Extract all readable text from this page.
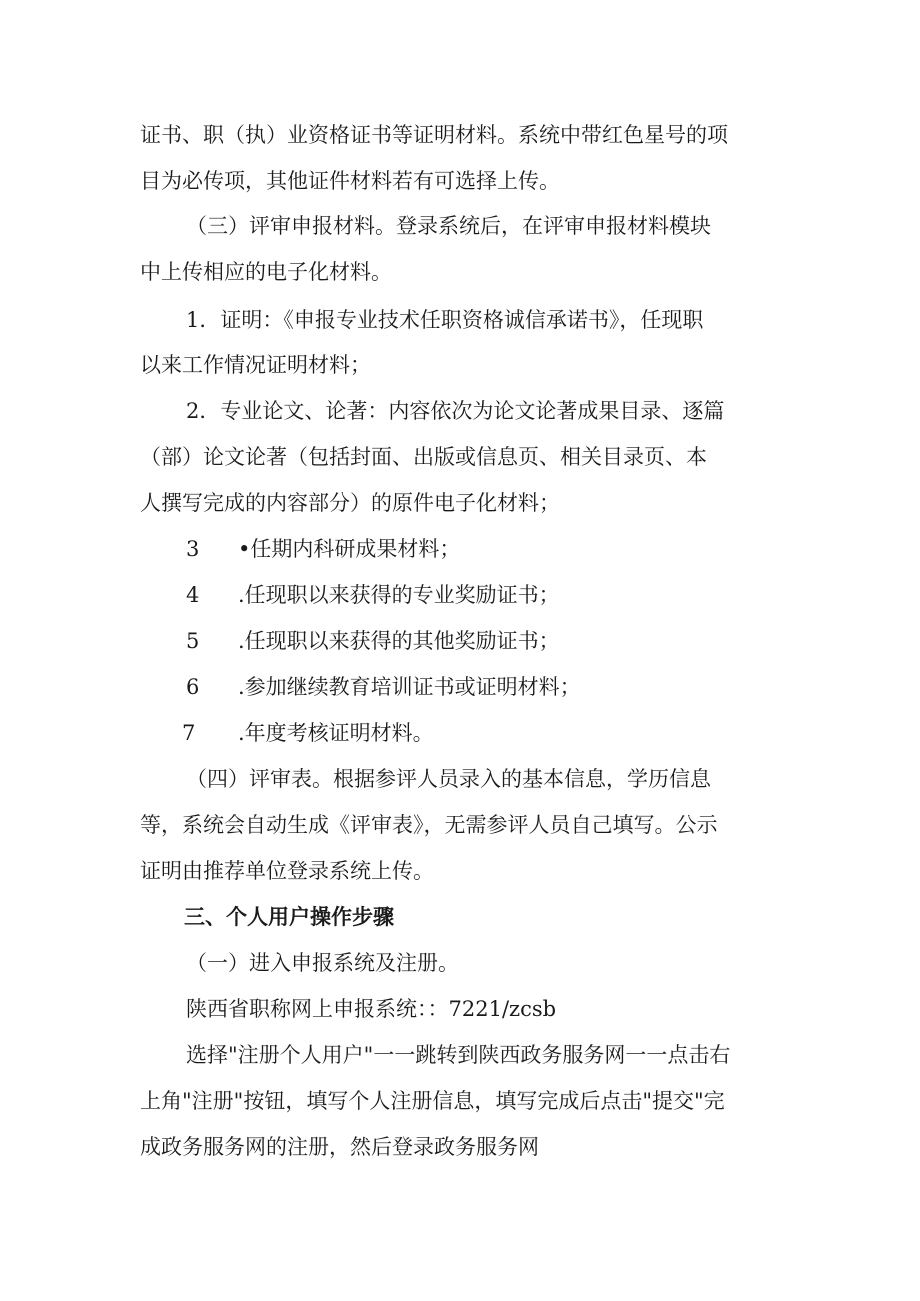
证书、职（执）业资格证书等证明材料。系统中带红色星号的项
目为必传项，其他证件材料若有可选择上传。
（三）评审申报材料。登录系统后，在评审申报材料模块
中上传相应的电子化材料。
1．证明：《申报专业技术任职资格诚信承诺书》，任现职
以来工作情况证明材料；
2．专业论文、论著：内容依次为论文论著成果目录、逐篇
（部）论文论著（包括封面、出版或信息页、相关目录页、本
人撰写完成的内容部分）的原件电子化材料；
3 •任期内科研成果材料；
4 .任现职以来获得的专业奖励证书；
5 .任现职以来获得的其他奖励证书；
6 .参加继续教育培训证书或证明材料；
7 .年度考核证明材料。
（四）评审表。根据参评人员录入的基本信息，学历信息
等，系统会自动生成《评审表》，无需参评人员自己填写。公示
证明由推荐单位登录系统上传。
三、个人用户操作步骤
（一）进入申报系统及注册。
陕西省职称网上申报系统：：7221/zcsb
选择"注册个人用户"一一跳转到陕西政务服务网一一点击右
上角"注册"按钮，填写个人注册信息，填写完成后点击"提交"完
成政务服务网的注册，然后登录政务服务网
